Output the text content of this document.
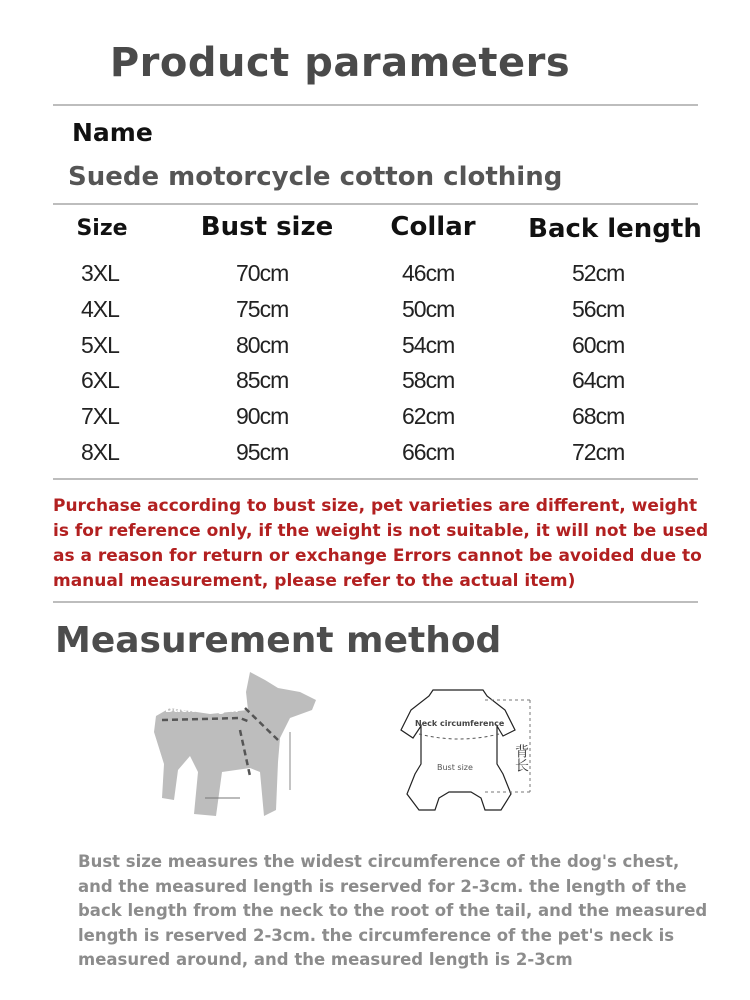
Product parameters
Name
Suede motorcycle cotton clothing
Size	Bust size	Collar	Back length
3XL	70cm	46cm	52cm
4XL	75cm	50cm	56cm
5XL	80cm	54cm	60cm
6XL	85cm	58cm	64cm
7XL	90cm	62cm	68cm
8XL	95cm	66cm	72cm
Purchase according to bust size, pet varieties are different, weight is for reference only, if the weight is not suitable, it will not be used as a reason for return or exchange Errors cannot be avoided due to manual measurement, please refer to the actual item)
Measurement method
Back length
Neck circumference
Bust size	背长
Bust size measures the widest circumference of the dog's chest, and the measured length is reserved for 2-3cm. the length of the back length from the neck to the root of the tail, and the measured length is reserved 2-3cm. the circumference of the pet's neck is measured around, and the measured length is 2-3cm
